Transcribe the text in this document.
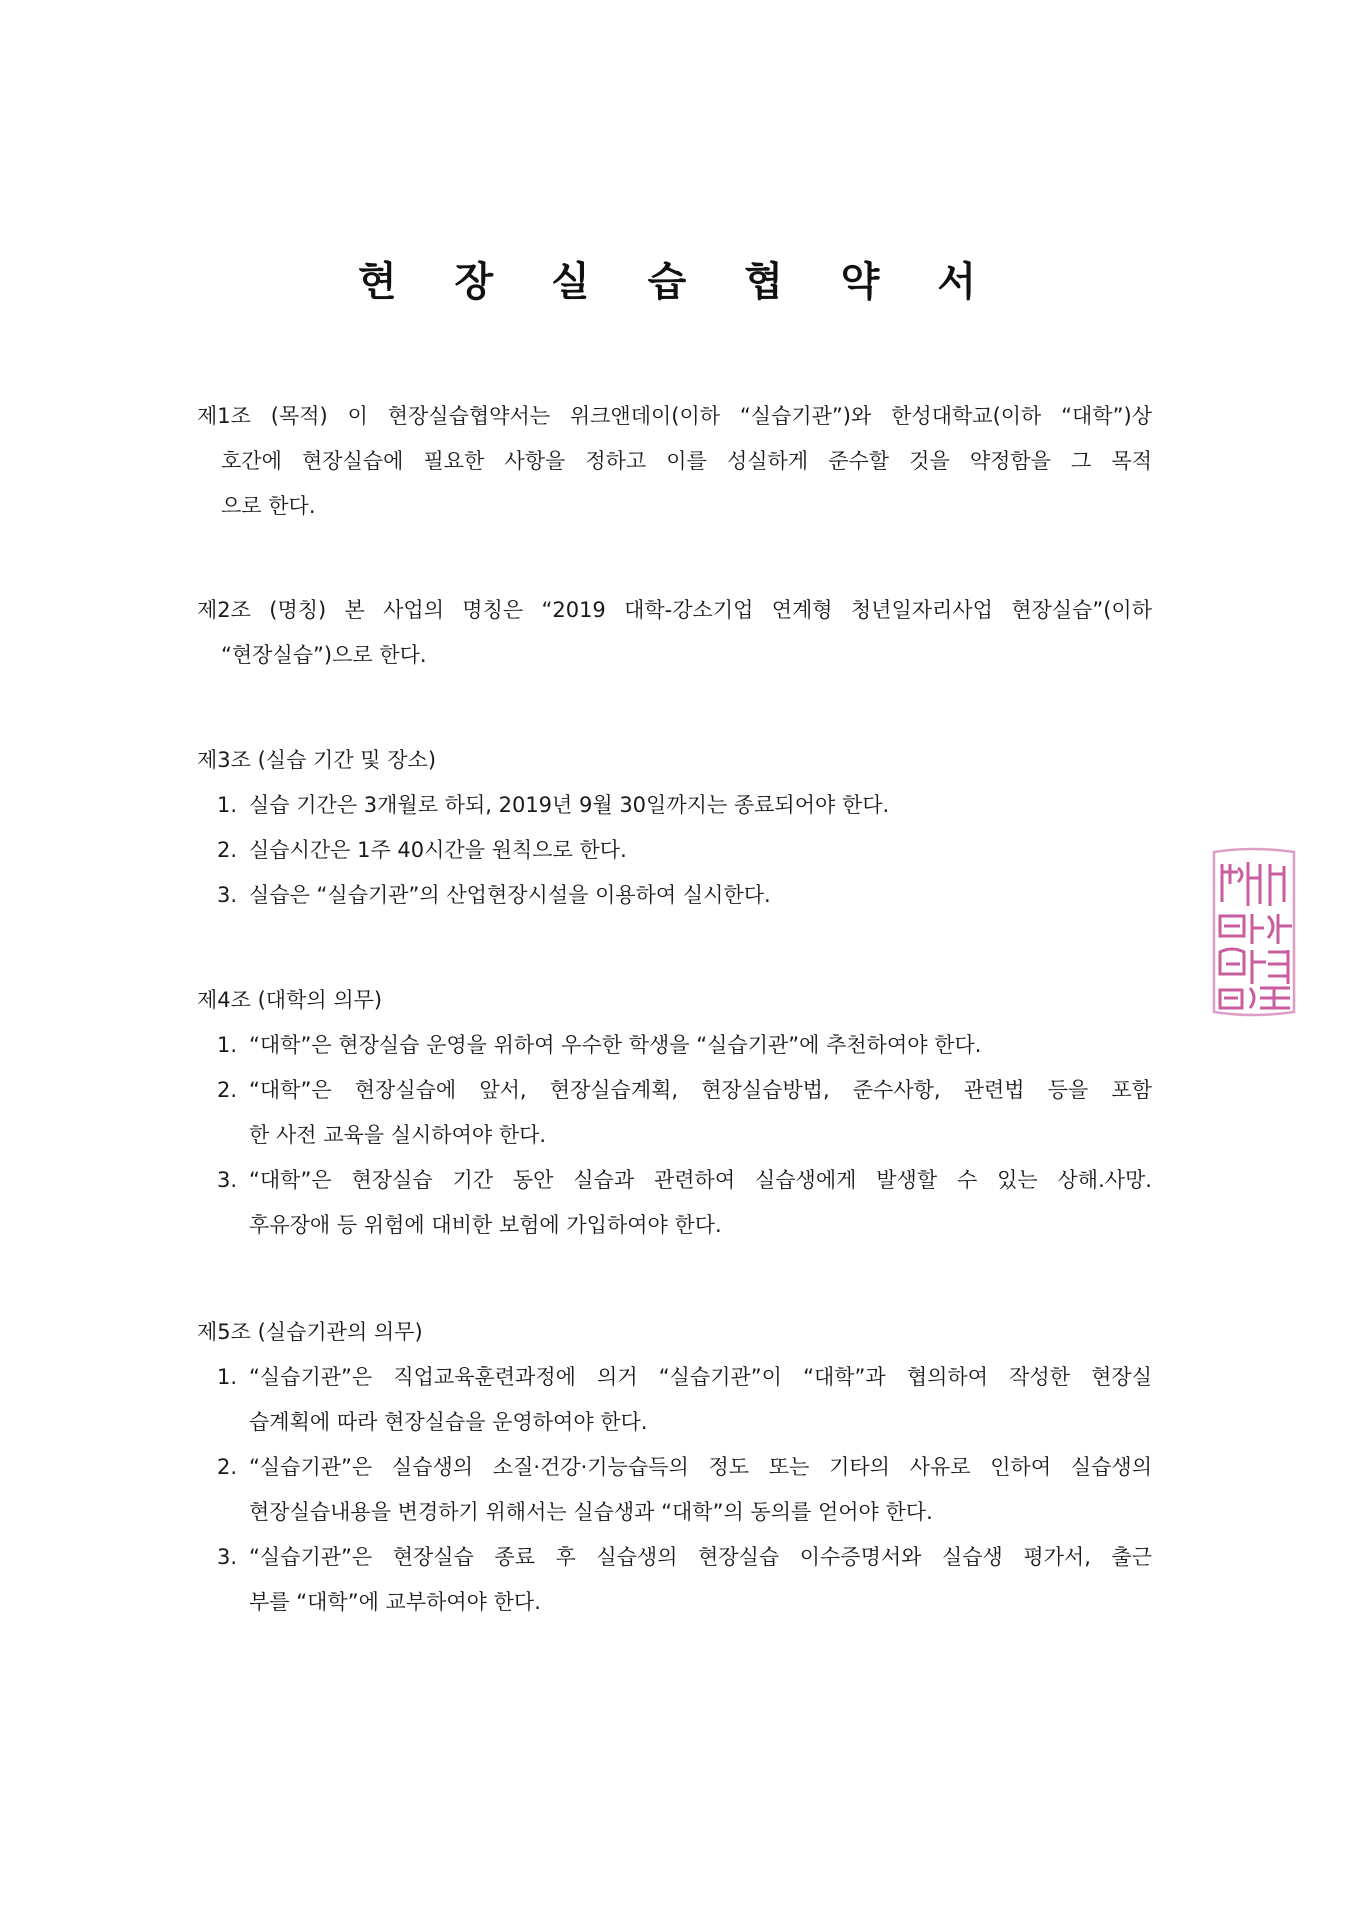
현 장 실 습 협 약 서
제1조 (목적) 이 현장실습협약서는 위크앤데이(이하 “실습기관”)와 한성대학교(이하 “대학”)상
호간에 현장실습에 필요한 사항을 정하고 이를 성실하게 준수할 것을 약정함을 그 목적
으로 한다.
제2조 (명칭) 본 사업의 명칭은 “2019 대학-강소기업 연계형 청년일자리사업 현장실습”(이하
“현장실습”)으로 한다.
제3조 (실습 기간 및 장소)
1. 실습 기간은 3개월로 하되, 2019년 9월 30일까지는 종료되어야 한다.
2. 실습시간은 1주 40시간을 원칙으로 한다.
3. 실습은 “실습기관”의 산업현장시설을 이용하여 실시한다.
제4조 (대학의 의무)
1. “대학”은 현장실습 운영을 위하여 우수한 학생을 “실습기관”에 추천하여야 한다.
2. “대학”은 현장실습에 앞서, 현장실습계획, 현장실습방법, 준수사항, 관련법 등을 포함
한 사전 교육을 실시하여야 한다.
3. “대학”은 현장실습 기간 동안 실습과 관련하여 실습생에게 발생할 수 있는 상해.사망.
후유장애 등 위험에 대비한 보험에 가입하여야 한다.
제5조 (실습기관의 의무)
1. “실습기관”은 직업교육훈련과정에 의거 “실습기관”이 “대학”과 협의하여 작성한 현장실
습계획에 따라 현장실습을 운영하여야 한다.
2. “실습기관”은 실습생의 소질·건강·기능습득의 정도 또는 기타의 사유로 인하여 실습생의
현장실습내용을 변경하기 위해서는 실습생과 “대학”의 동의를 얻어야 한다.
3. “실습기관”은 현장실습 종료 후 실습생의 현장실습 이수증명서와 실습생 평가서, 출근
부를 “대학”에 교부하여야 한다.
